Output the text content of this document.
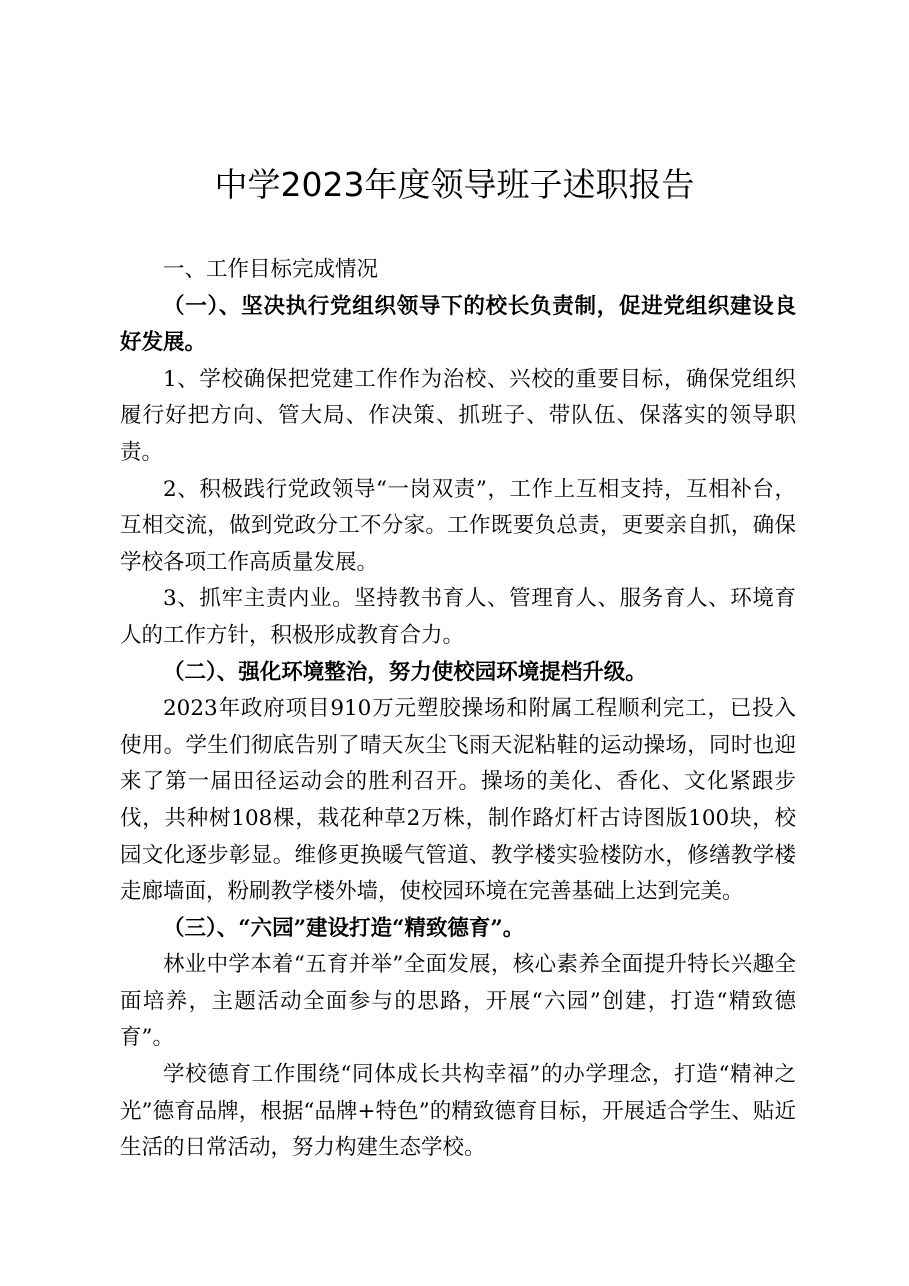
中学2023年度领导班子述职报告

一、工作目标完成情况

（一）、坚决执行党组织领导下的校长负责制，促进党组织建设良好发展。

1、学校确保把党建工作作为治校、兴校的重要目标，确保党组织履行好把方向、管大局、作决策、抓班子、带队伍、保落实的领导职责。

2、积极践行党政领导“一岗双责”，工作上互相支持，互相补台，互相交流，做到党政分工不分家。工作既要负总责，更要亲自抓，确保学校各项工作高质量发展。

3、抓牢主责内业。坚持教书育人、管理育人、服务育人、环境育人的工作方针，积极形成教育合力。

（二）、强化环境整治，努力使校园环境提档升级。

2023年政府项目910万元塑胶操场和附属工程顺利完工，已投入使用。学生们彻底告别了晴天灰尘飞雨天泥粘鞋的运动操场，同时也迎来了第一届田径运动会的胜利召开。操场的美化、香化、文化紧跟步伐，共种树108棵，栽花种草2万株，制作路灯杆古诗图版100块，校园文化逐步彰显。维修更换暖气管道、教学楼实验楼防水，修缮教学楼走廊墙面，粉刷教学楼外墙，使校园环境在完善基础上达到完美。

（三）、“六园”建设打造“精致德育”。

林业中学本着“五育并举”全面发展，核心素养全面提升特长兴趣全面培养，主题活动全面参与的思路，开展“六园”创建，打造“精致德育”。

学校德育工作围绕“同体成长共构幸福”的办学理念，打造“精神之光”德育品牌，根据“品牌+特色”的精致德育目标，开展适合学生、贴近生活的日常活动，努力构建生态学校。
